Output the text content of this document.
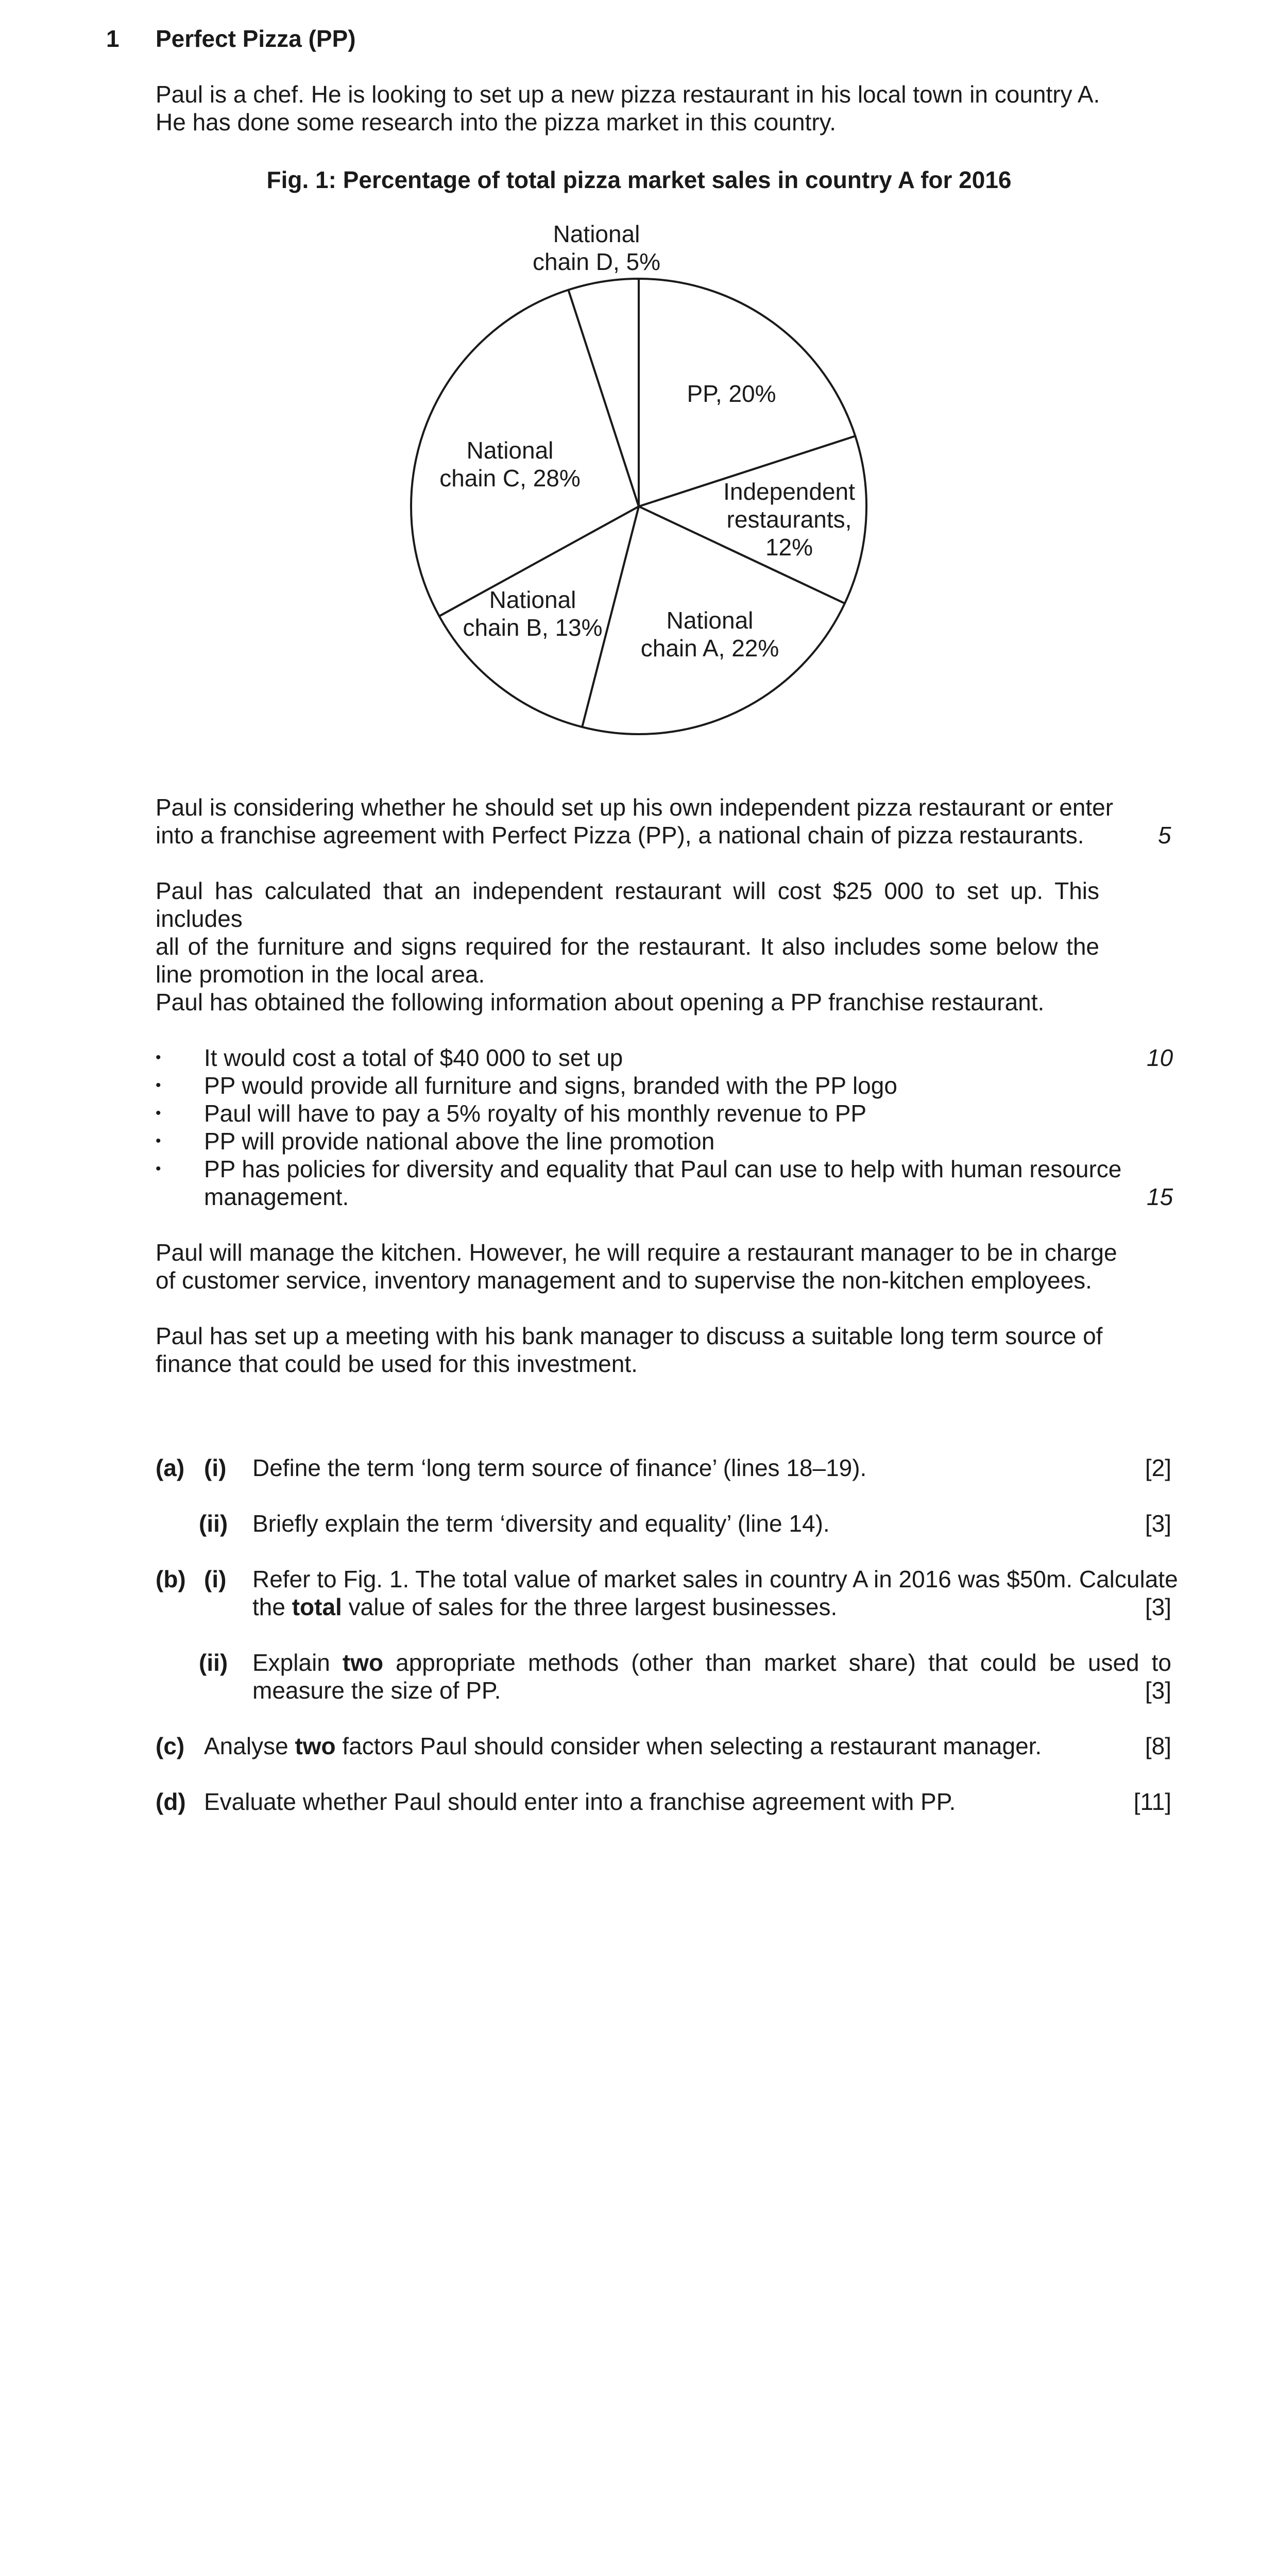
1 Perfect Pizza (PP)
Paul is a chef. He is looking to set up a new pizza restaurant in his local town in country A.
He has done some research into the pizza market in this country.
Fig. 1: Percentage of total pizza market sales in country A for 2016
PP, 20%
Independent restaurants, 12%
National chain A, 22%
National chain B, 13%
National chain C, 28%
National chain D, 5%
Paul is considering whether he should set up his own independent pizza restaurant or enter
into a franchise agreement with Perfect Pizza (PP), a national chain of pizza restaurants.	5
Paul has calculated that an independent restaurant will cost $25 000 to set up. This includes
all of the furniture and signs required for the restaurant. It also includes some below the
line promotion in the local area.
Paul has obtained the following information about opening a PP franchise restaurant.
• It would cost a total of $40 000 to set up	10
• PP would provide all furniture and signs, branded with the PP logo
• Paul will have to pay a 5% royalty of his monthly revenue to PP
• PP will provide national above the line promotion
• PP has policies for diversity and equality that Paul can use to help with human resource
management.	15
Paul will manage the kitchen. However, he will require a restaurant manager to be in charge
of customer service, inventory management and to supervise the non-kitchen employees.
Paul has set up a meeting with his bank manager to discuss a suitable long term source of
finance that could be used for this investment.
(a) (i) Define the term ‘long term source of finance’ (lines 18–19).	[2]
(ii) Briefly explain the term ‘diversity and equality’ (line 14).	[3]
(b) (i) Refer to Fig. 1. The total value of market sales in country A in 2016 was $50m. Calculate
the total value of sales for the three largest businesses.	[3]
(ii) Explain two appropriate methods (other than market share) that could be used to
measure the size of PP.	[3]
(c) Analyse two factors Paul should consider when selecting a restaurant manager.	[8]
(d) Evaluate whether Paul should enter into a franchise agreement with PP.	[11]
